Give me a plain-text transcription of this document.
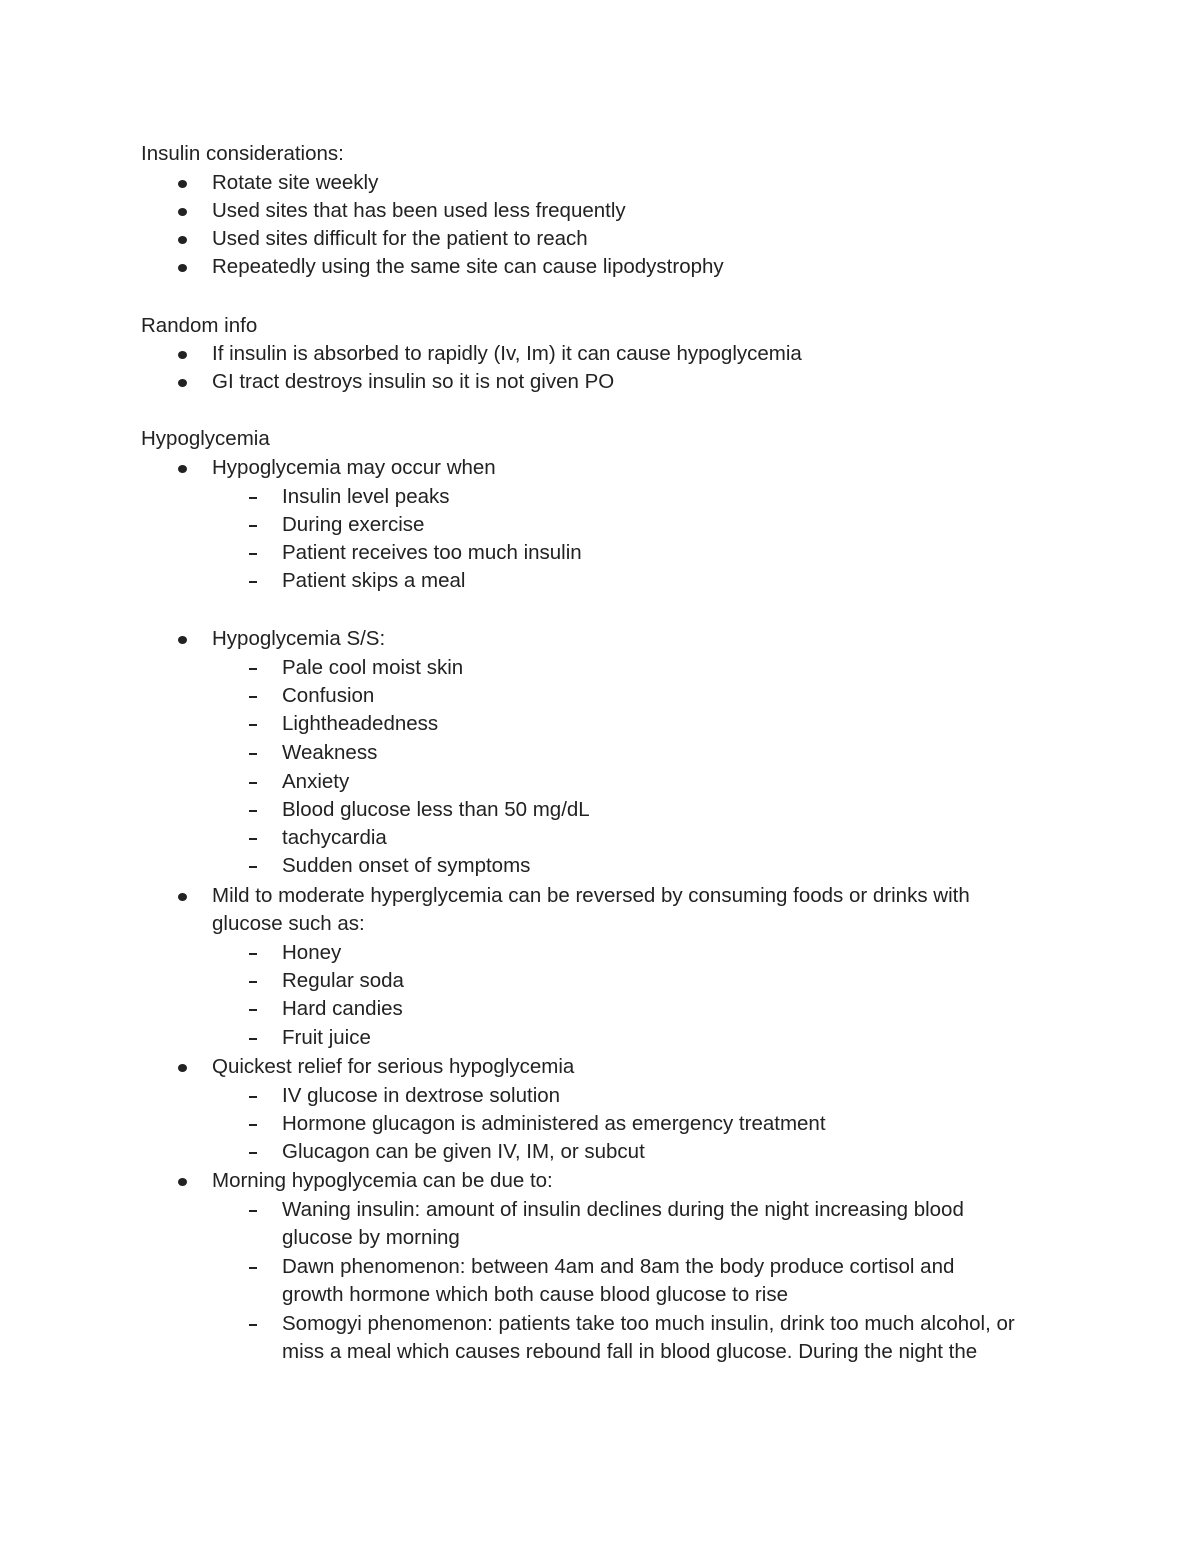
Insulin considerations:
Rotate site weekly
Used sites that has been used less frequently
Used sites difficult for the patient to reach
Repeatedly using the same site can cause lipodystrophy
Random info
If insulin is absorbed to rapidly (Iv, Im) it can cause hypoglycemia
GI tract destroys insulin so it is not given PO
Hypoglycemia
Hypoglycemia may occur when
Insulin level peaks
During exercise
Patient receives too much insulin
Patient skips a meal
Hypoglycemia S/S:
Pale cool moist skin
Confusion
Lightheadedness
Weakness
Anxiety
Blood glucose less than 50 mg/dL
tachycardia
Sudden onset of symptoms
Mild to moderate hyperglycemia can be reversed by consuming foods or drinks with
glucose such as:
Honey
Regular soda
Hard candies
Fruit juice
Quickest relief for serious hypoglycemia
IV glucose in dextrose solution
Hormone glucagon is administered as emergency treatment
Glucagon can be given IV, IM, or subcut
Morning hypoglycemia can be due to:
Waning insulin: amount of insulin declines during the night increasing blood
glucose by morning
Dawn phenomenon: between 4am and 8am the body produce cortisol and
growth hormone which both cause blood glucose to rise
Somogyi phenomenon: patients take too much insulin, drink too much alcohol, or
miss a meal which causes rebound fall in blood glucose. During the night the
